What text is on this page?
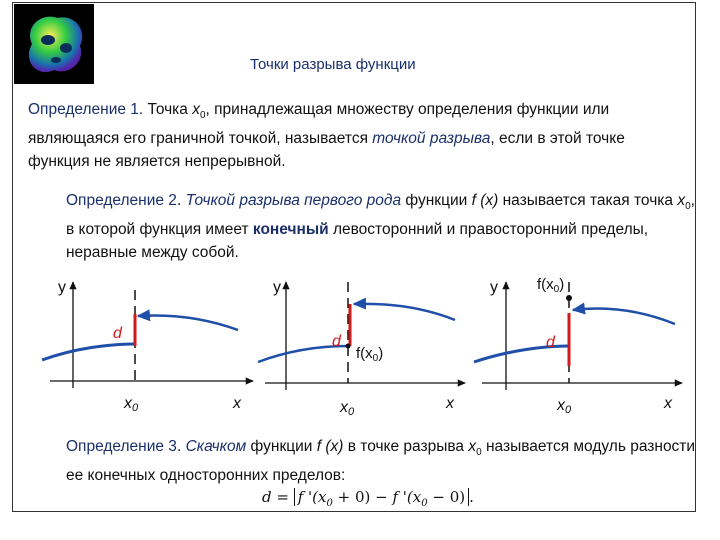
Точки разрыва функции
Определение 1. Точка $x_0$, принадлежащая множеству определения функции или являющаяся его граничной точкой, называется точкой разрыва, если в этой точке функция не является непрерывной.
Определение 2. Точкой разрыва первого рода функции f (x) называется такая точка $x_0$, в которой функция имеет конечный левосторонний и правосторонний пределы, неравные между собой.
y	y	y
x	x	x
x0	x0	x0
d	d	d
$f(x_0)$
$f(x_0)$
Определение 3. Скачком функции f (x) в точке разрыва $x_0$ называется модуль разности ее конечных односторонних пределов:
d = f '$(x_0 + 0) - f$ '$(x_0 - 0)$ .
